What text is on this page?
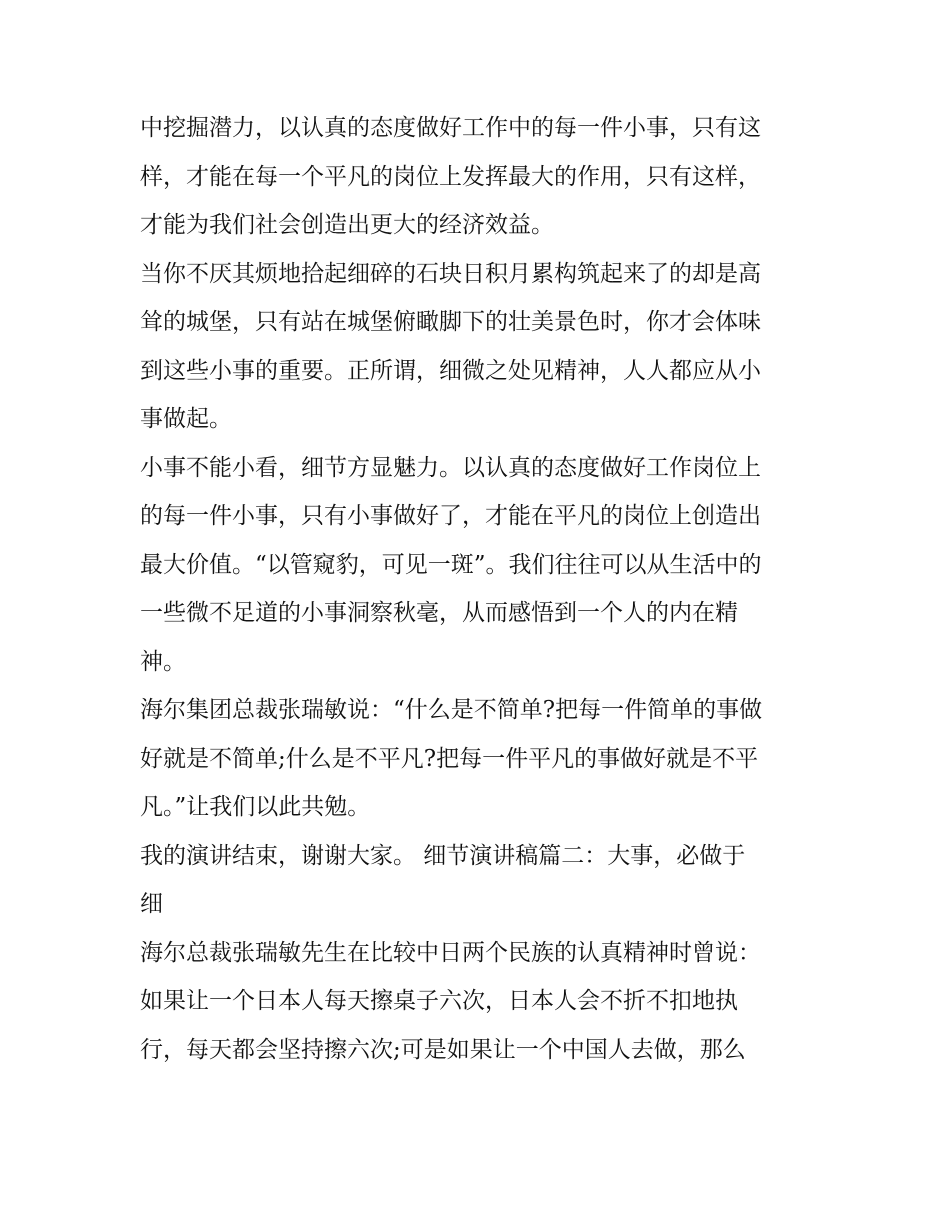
中挖掘潜力，以认真的态度做好工作中的每一件小事，只有这
样，才能在每一个平凡的岗位上发挥最大的作用，只有这样，
才能为我们社会创造出更大的经济效益。
当你不厌其烦地拾起细碎的石块日积月累构筑起来了的却是高
耸的城堡，只有站在城堡俯瞰脚下的壮美景色时，你才会体味
到这些小事的重要。正所谓，细微之处见精神，人人都应从小
事做起。
小事不能小看，细节方显魅力。以认真的态度做好工作岗位上
的每一件小事，只有小事做好了，才能在平凡的岗位上创造出
最大价值。“以管窥豹，可见一斑”。我们往往可以从生活中的
一些微不足道的小事洞察秋毫，从而感悟到一个人的内在精
神。
海尔集团总裁张瑞敏说：“什么是不简单?把每一件简单的事做
好就是不简单;什么是不平凡?把每一件平凡的事做好就是不平
凡。”让我们以此共勉。
我的演讲结束，谢谢大家。 细节演讲稿篇二：大事，必做于
细
海尔总裁张瑞敏先生在比较中日两个民族的认真精神时曾说：
如果让一个日本人每天擦桌子六次，日本人会不折不扣地执
行，每天都会坚持擦六次;可是如果让一个中国人去做，那么
